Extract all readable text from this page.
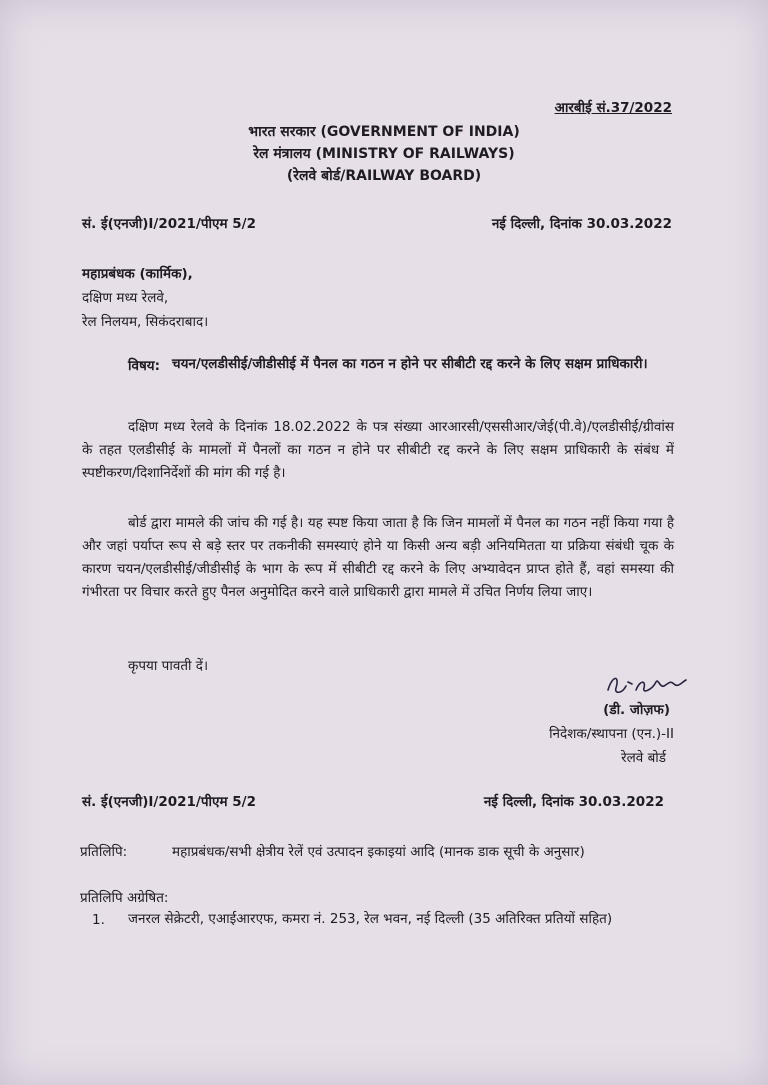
आरबीई सं.37/2022
भारत सरकार (GOVERNMENT OF INDIA)
रेल मंत्रालय (MINISTRY OF RAILWAYS)
(रेलवे बोर्ड/RAILWAY BOARD)
सं. ई(एनजी)I/2021/पीएम 5/2	नई दिल्ली, दिनांक 30.03.2022
महाप्रबंधक (कार्मिक),
दक्षिण मध्य रेलवे,
रेल निलयम, सिकंदराबाद।
विषय: चयन/एलडीसीई/जीडीसीई में पैनल का गठन न होने पर सीबीटी रद्द करने के लिए सक्षम प्राधिकारी।
दक्षिण मध्य रेलवे के दिनांक 18.02.2022 के पत्र संख्या आरआरसी/एससीआर/जेई(पी.वे)/एलडीसीई/ग्रीवांस के तहत एलडीसीई के मामलों में पैनलों का गठन न होने पर सीबीटी रद्द करने के लिए सक्षम प्राधिकारी के संबंध में स्पष्टीकरण/दिशानिर्देशों की मांग की गई है।
बोर्ड द्वारा मामले की जांच की गई है। यह स्पष्ट किया जाता है कि जिन मामलों में पैनल का गठन नहीं किया गया है और जहां पर्याप्त रूप से बड़े स्तर पर तकनीकी समस्याएं होने या किसी अन्य बड़ी अनियमितता या प्रक्रिया संबंधी चूक के कारण चयन/एलडीसीई/जीडीसीई के भाग के रूप में सीबीटी रद्द करने के लिए अभ्यावेदन प्राप्त होते हैं, वहां समस्या की गंभीरता पर विचार करते हुए पैनल अनुमोदित करने वाले प्राधिकारी द्वारा मामले में उचित निर्णय लिया जाए।
कृपया पावती दें।
(डी. जोज़फ)
निदेशक/स्थापना (एन.)-II
रेलवे बोर्ड
सं. ई(एनजी)I/2021/पीएम 5/2	नई दिल्ली, दिनांक 30.03.2022
प्रतिलिपि:	महाप्रबंधक/सभी क्षेत्रीय रेलें एवं उत्पादन इकाइयां आदि (मानक डाक सूची के अनुसार)
प्रतिलिपि अग्रेषित:
1. जनरल सेक्रेटरी, एआईआरएफ, कमरा नं. 253, रेल भवन, नई दिल्ली (35 अतिरिक्त प्रतियों सहित)
